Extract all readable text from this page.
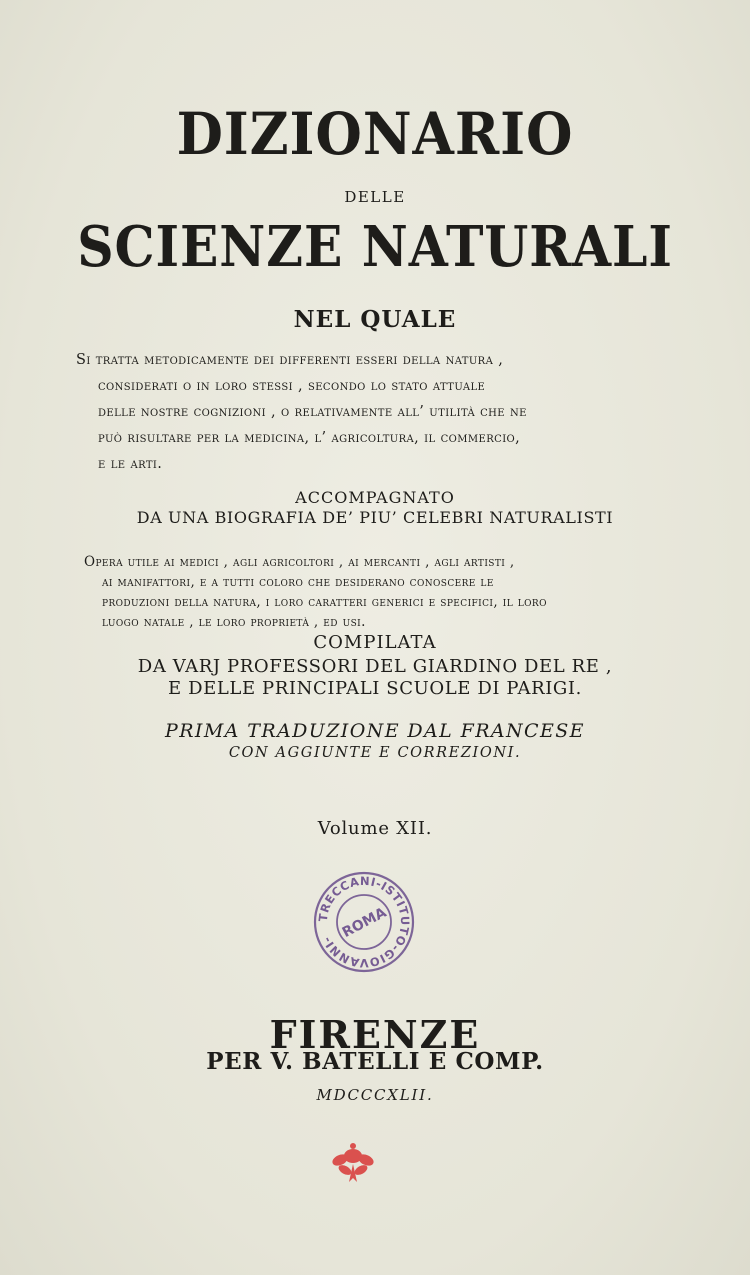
DIZIONARIO
DELLE
SCIENZE NATURALI
NEL QUALE
Si tratta metodicamente dei differenti esseri della natura ,
considerati o in loro stessi , secondo lo stato attuale
delle nostre cognizioni , o relativamente all’ utilità che ne
può risultare per la medicina, l’ agricoltura, il commercio,
e le arti.
ACCOMPAGNATO
DA UNA BIOGRAFIA DE’ PIU’ CELEBRI NATURALISTI
Opera utile ai medici , agli agricoltori , ai mercanti , agli artisti ,
ai manifattori, e a tutti coloro che desiderano conoscere le
produzioni della natura, i loro caratteri generici e specifici, il loro
luogo natale , le loro proprietà , ed usi.
COMPILATA
DA VARJ PROFESSORI DEL GIARDINO DEL RE ,
E DELLE PRINCIPALI SCUOLE DI PARIGI.
PRIMA TRADUZIONE DAL FRANCESE
CON AGGIUNTE E CORREZIONI.
Volume XII.
TRECCANI-ISTITUTO-GIOVANNI- ROMA
FIRENZE
PER V. BATELLI E COMP.
MDCCCXLII.
